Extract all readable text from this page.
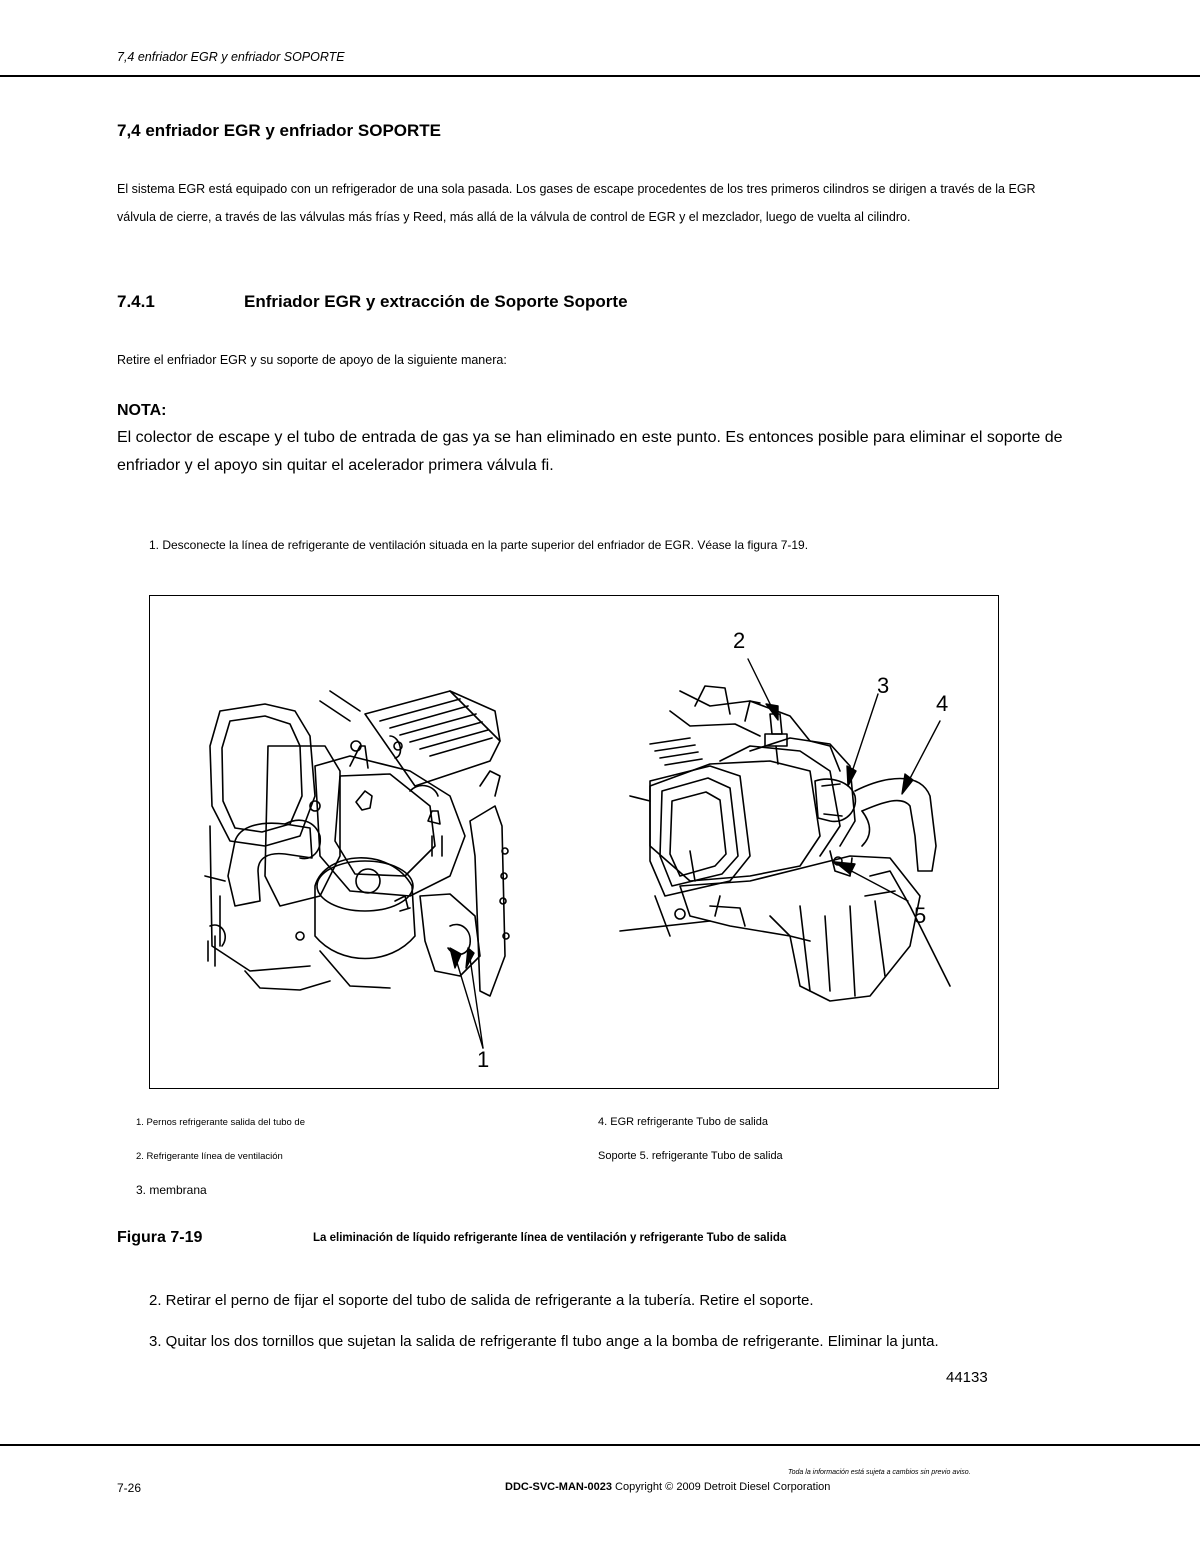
7,4 enfriador EGR y enfriador SOPORTE
7,4 enfriador EGR y enfriador SOPORTE
El sistema EGR está equipado con un refrigerador de una sola pasada. Los gases de escape procedentes de los tres primeros cilindros se dirigen a través de la EGR válvula de cierre, a través de las válvulas más frías y Reed, más allá de la válvula de control de EGR y el mezclador, luego de vuelta al cilindro.
7.4.1	Enfriador EGR y extracción de Soporte Soporte
Retire el enfriador EGR y su soporte de apoyo de la siguiente manera:
NOTA:
El colector de escape y el tubo de entrada de gas ya se han eliminado en este punto. Es entonces posible para eliminar el soporte de enfriador y el apoyo sin quitar el acelerador primera válvula fi.
1. Desconecte la línea de refrigerante de ventilación situada en la parte superior del enfriador de EGR. Véase la figura 7-19.
1
2
3
4
5
44133
1. Pernos refrigerante salida del tubo de
2. Refrigerante línea de ventilación
3. membrana
4. EGR refrigerante Tubo de salida
Soporte 5. refrigerante Tubo de salida
Figura 7-19	La eliminación de líquido refrigerante línea de ventilación y refrigerante Tubo de salida
2. Retirar el perno de fijar el soporte del tubo de salida de refrigerante a la tubería. Retire el soporte.
3. Quitar los dos tornillos que sujetan la salida de refrigerante fl tubo ange a la bomba de refrigerante. Eliminar la junta.
Toda la información está sujeta a cambios sin previo aviso.
7-26	DDC-SVC-MAN-0023 Copyright © 2009 Detroit Diesel Corporation
